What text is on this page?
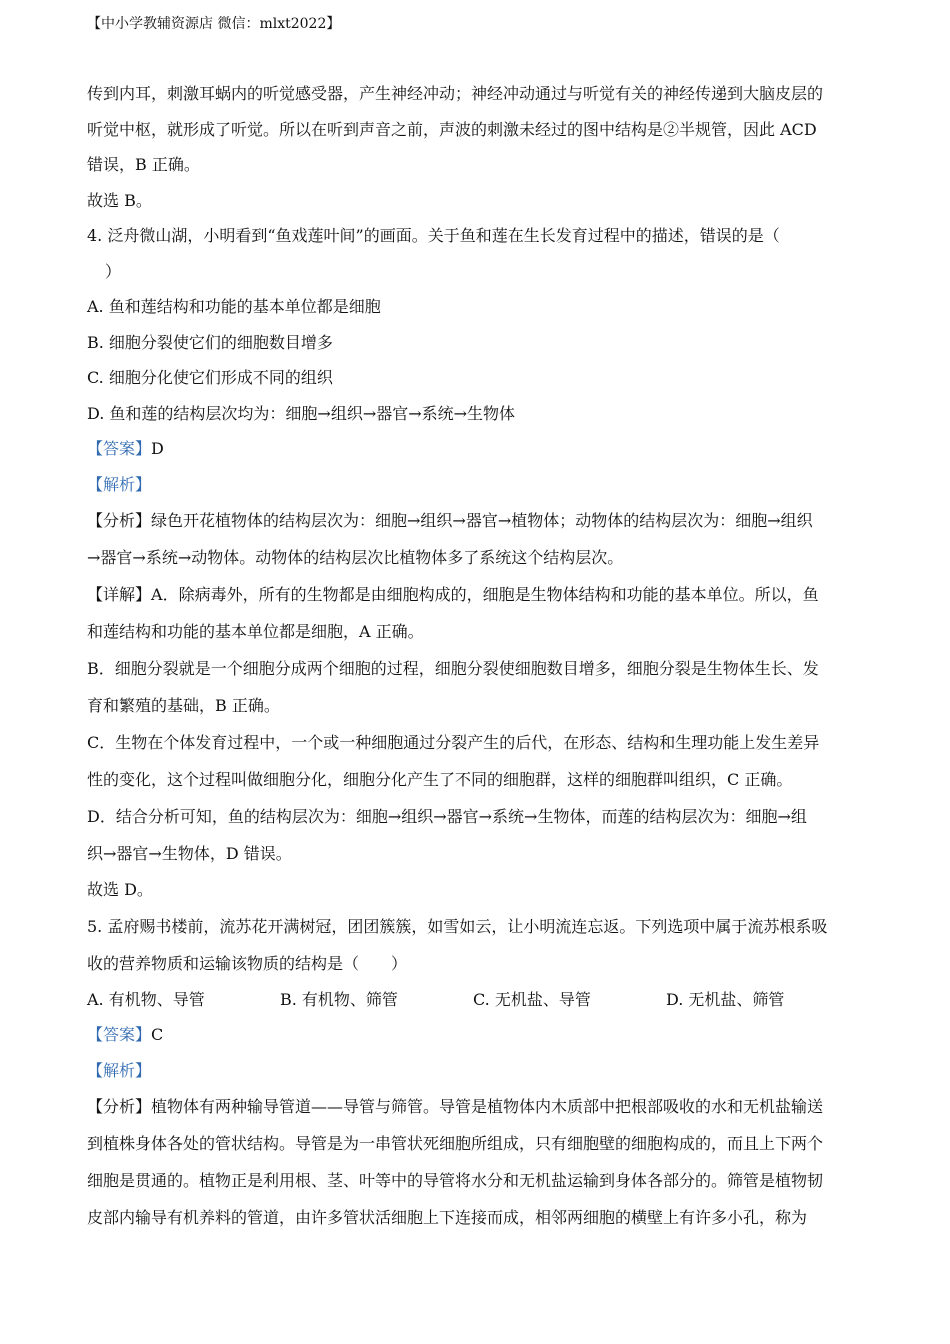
【中小学教辅资源店 微信：mlxt2022】
传到内耳，刺激耳蜗内的听觉感受器，产生神经冲动；神经冲动通过与听觉有关的神经传递到大脑皮层的
听觉中枢，就形成了听觉。所以在听到声音之前，声波的刺激未经过的图中结构是②半规管，因此 ACD
错误，B 正确。
故选 B。
4. 泛舟微山湖，小明看到“鱼戏莲叶间”的画面。关于鱼和莲在生长发育过程中的描述，错误的是（
）
A. 鱼和莲结构和功能的基本单位都是细胞
B. 细胞分裂使它们的细胞数目增多
C. 细胞分化使它们形成不同的组织
D. 鱼和莲的结构层次均为：细胞→组织→器官→系统→生物体
【答案】D
【解析】
【分析】绿色开花植物体的结构层次为：细胞→组织→器官→植物体；动物体的结构层次为：细胞→组织
→器官→系统→动物体。动物体的结构层次比植物体多了系统这个结构层次。
【详解】A．除病毒外，所有的生物都是由细胞构成的，细胞是生物体结构和功能的基本单位。所以，鱼
和莲结构和功能的基本单位都是细胞，A 正确。
B．细胞分裂就是一个细胞分成两个细胞的过程，细胞分裂使细胞数目增多，细胞分裂是生物体生长、发
育和繁殖的基础，B 正确。
C．生物在个体发育过程中，一个或一种细胞通过分裂产生的后代，在形态、结构和生理功能上发生差异
性的变化，这个过程叫做细胞分化，细胞分化产生了不同的细胞群，这样的细胞群叫组织，C 正确。
D．结合分析可知，鱼的结构层次为：细胞→组织→器官→系统→生物体，而莲的结构层次为：细胞→组
织→器官→生物体，D 错误。
故选 D。
5. 孟府赐书楼前，流苏花开满树冠，团团簇簇，如雪如云，让小明流连忘返。下列选项中属于流苏根系吸
收的营养物质和运输该物质的结构是（　　）
A. 有机物、导管	B. 有机物、筛管	C. 无机盐、导管	D. 无机盐、筛管
【答案】C
【解析】
【分析】植物体有两种输导管道——导管与筛管。导管是植物体内木质部中把根部吸收的水和无机盐输送
到植株身体各处的管状结构。导管是为一串管状死细胞所组成，只有细胞壁的细胞构成的，而且上下两个
细胞是贯通的。植物正是利用根、茎、叶等中的导管将水分和无机盐运输到身体各部分的。筛管是植物韧
皮部内输导有机养料的管道，由许多管状活细胞上下连接而成，相邻两细胞的横壁上有许多小孔，称为
